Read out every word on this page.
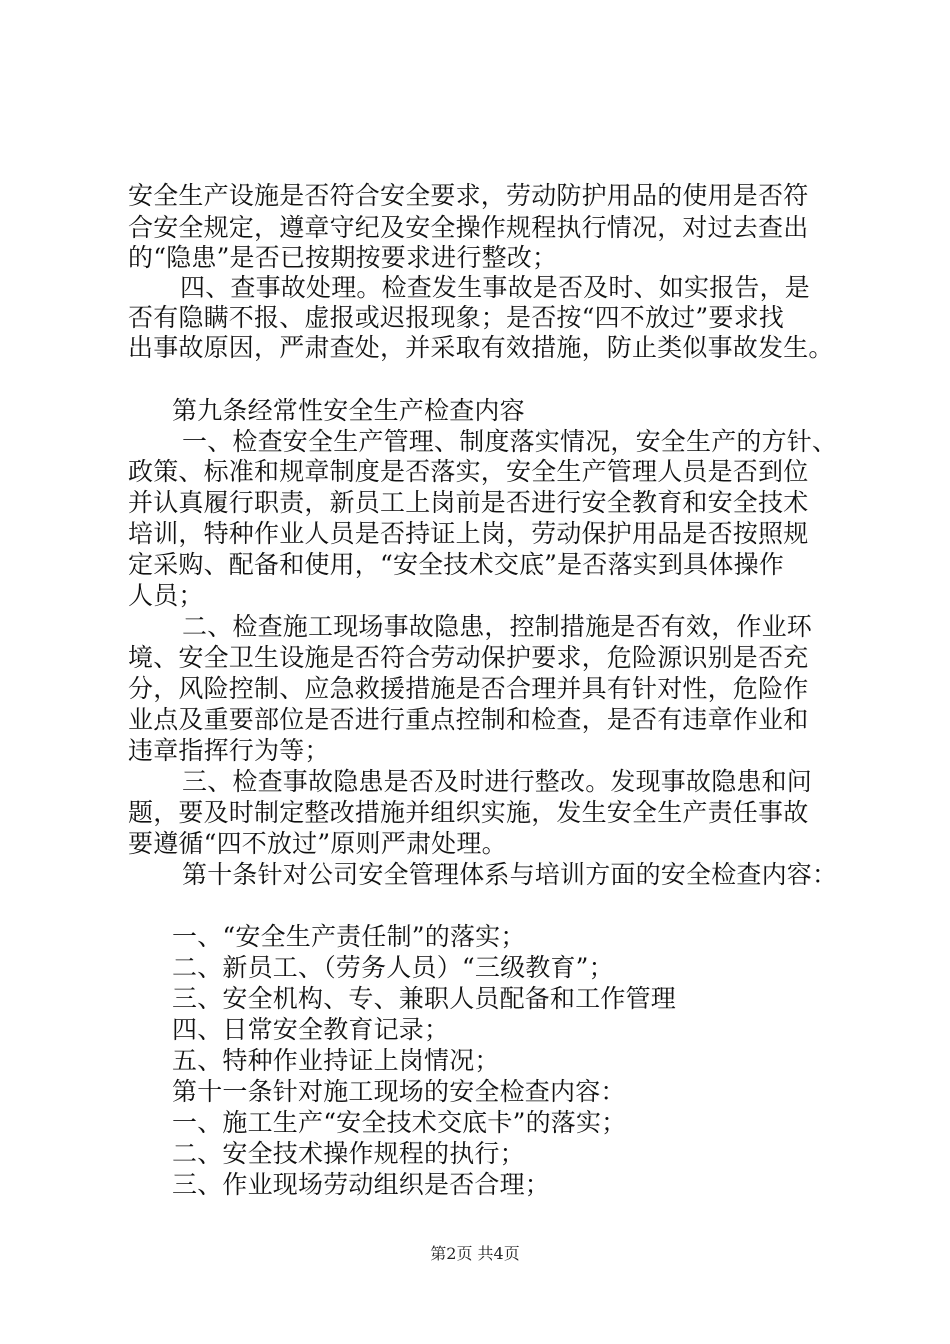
安全生产设施是否符合安全要求，劳动防护用品的使用是否符
合安全规定，遵章守纪及安全操作规程执行情况，对过去查出
的“隐患”是否已按期按要求进行整改；
四、查事故处理。检查发生事故是否及时、如实报告，是
否有隐瞒不报、虚报或迟报现象；是否按“四不放过”要求找
出事故原因，严肃查处，并采取有效措施，防止类似事故发生。
第九条经常性安全生产检查内容
一、检查安全生产管理、制度落实情况，安全生产的方针、
政策、标准和规章制度是否落实，安全生产管理人员是否到位
并认真履行职责，新员工上岗前是否进行安全教育和安全技术
培训，特种作业人员是否持证上岗，劳动保护用品是否按照规
定采购、配备和使用，“安全技术交底”是否落实到具体操作
人员；
二、检查施工现场事故隐患，控制措施是否有效，作业环
境、安全卫生设施是否符合劳动保护要求，危险源识别是否充
分，风险控制、应急救援措施是否合理并具有针对性，危险作
业点及重要部位是否进行重点控制和检查，是否有违章作业和
违章指挥行为等；
三、检查事故隐患是否及时进行整改。发现事故隐患和问
题，要及时制定整改措施并组织实施，发生安全生产责任事故
要遵循“四不放过”原则严肃处理。
第十条针对公司安全管理体系与培训方面的安全检查内容：
一、“安全生产责任制”的落实；
二、新员工、（劳务人员）“三级教育”；
三、安全机构、专、兼职人员配备和工作管理
四、日常安全教育记录；
五、特种作业持证上岗情况；
第十一条针对施工现场的安全检查内容：
一、施工生产“安全技术交底卡”的落实；
二、安全技术操作规程的执行；
三、作业现场劳动组织是否合理；
第2页 共4页
